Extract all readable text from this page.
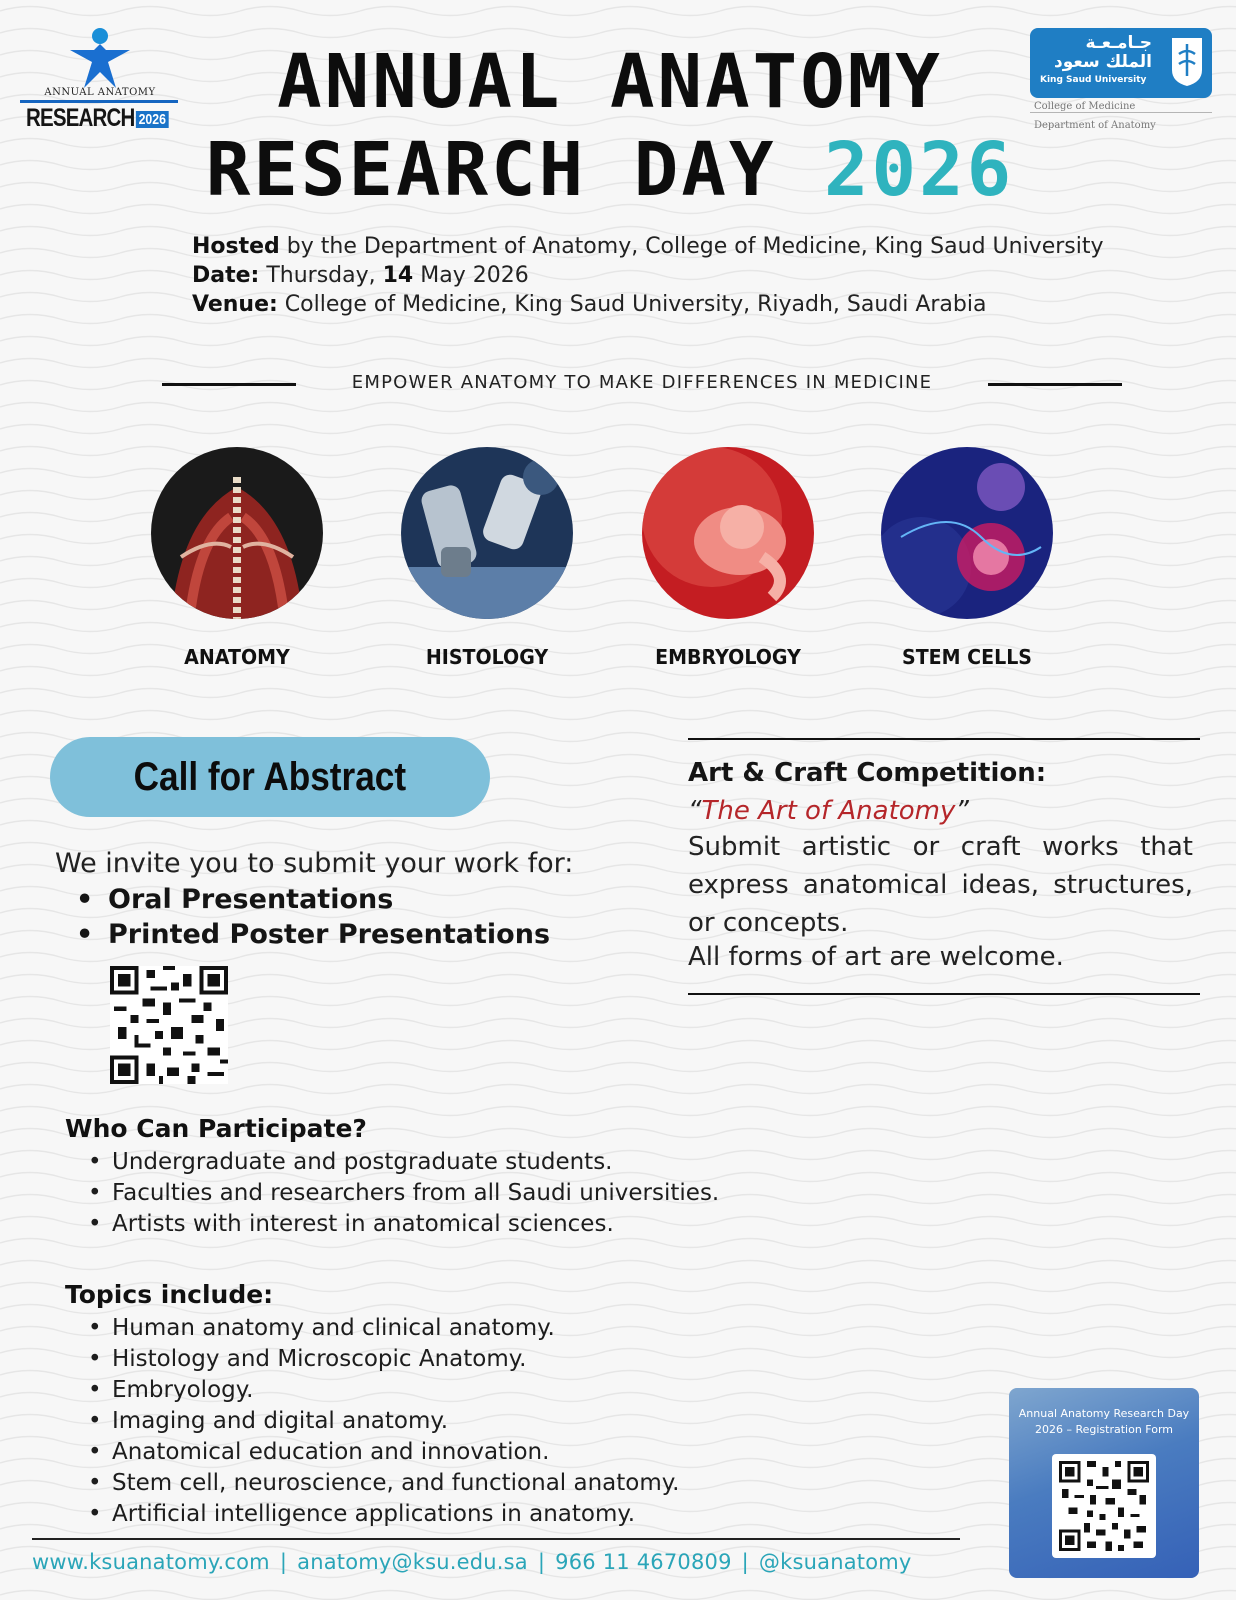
ANNUAL ANATOMY
RESEARCH 2026	ANNUAL ANATOMY
RESEARCH DAY 2026
جـامـعـة
الملك سعود
King Saud University
College of Medicine
Department of Anatomy
Hosted by the Department of Anatomy, College of Medicine, King Saud University
Date: Thursday, 14 May 2026
Venue: College of Medicine, King Saud University, Riyadh, Saudi Arabia
EMPOWER ANATOMY TO MAKE DIFFERENCES IN MEDICINE
ANATOMY	HISTOLOGY	EMBRYOLOGY	STEM CELLS
Call for Abstract
We invite you to submit your work for:
• Oral Presentations
• Printed Poster Presentations
Art & Craft Competition:
“The Art of Anatomy”
Submit artistic or craft works that express anatomical ideas, structures, or concepts.
All forms of art are welcome.
Who Can Participate?
• Undergraduate and postgraduate students.
• Faculties and researchers from all Saudi universities.
• Artists with interest in anatomical sciences.
Topics include:
• Human anatomy and clinical anatomy.
• Histology and Microscopic Anatomy.
• Embryology.
• Imaging and digital anatomy.
• Anatomical education and innovation.
• Stem cell, neuroscience, and functional anatomy.
• Artificial intelligence applications in anatomy.
www.ksuanatomy.com | anatomy@ksu.edu.sa | 966 11 4670809 | @ksuanatomy
Annual Anatomy Research Day
2026 – Registration Form
